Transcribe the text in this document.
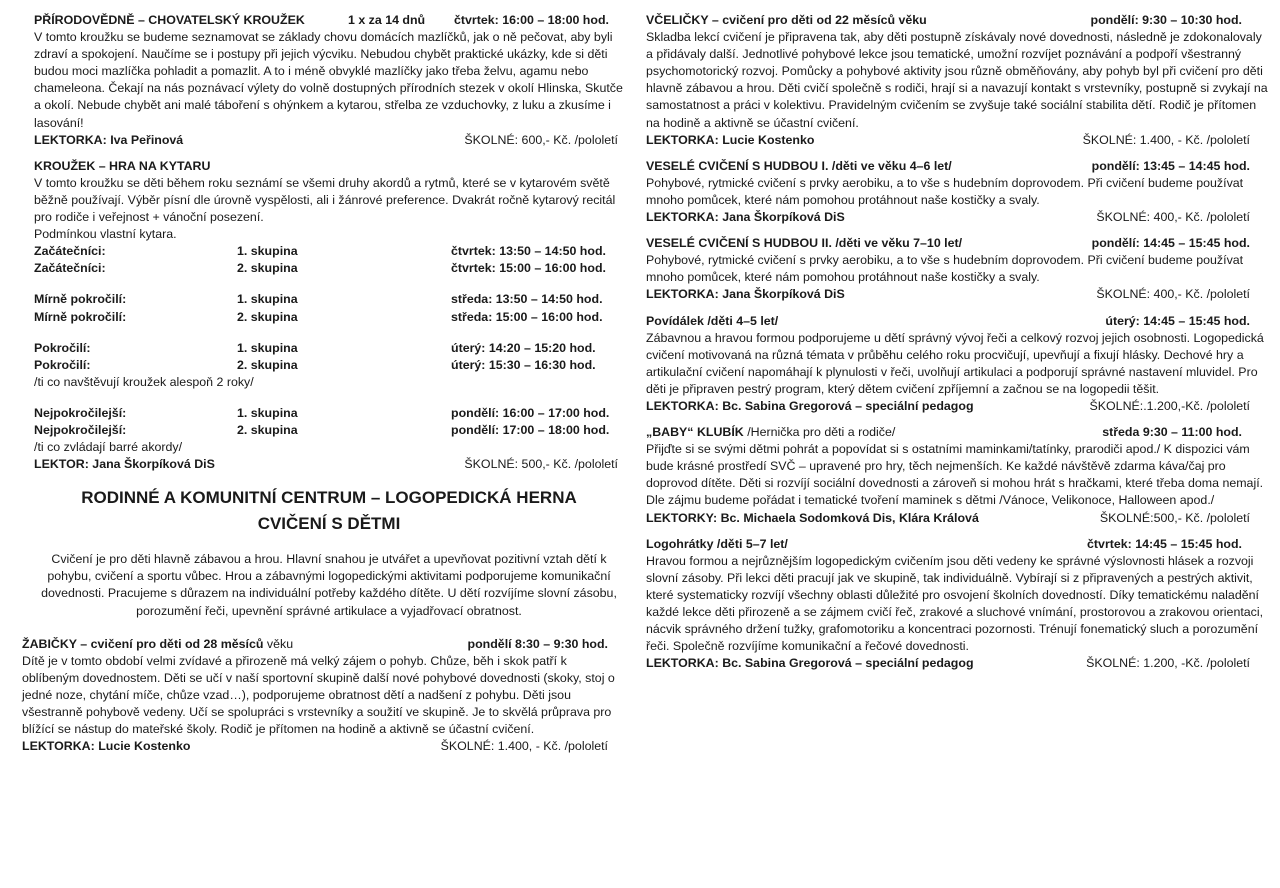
PŘÍRODOVĚDNĚ – CHOVATELSKÝ KROUŽEK	1 x za 14 dnů	čtvrtek: 16:00 – 18:00 hod.
V tomto kroužku se budeme seznamovat se základy chovu domácích mazlíčků, jak o ně pečovat, aby byli zdraví a spokojení. Naučíme se i postupy při jejich výcviku. Nebudou chybět praktické ukázky, kde si děti budou moci mazlíčka pohladit a pomazlit. A to i méně obvyklé mazlíčky jako třeba želvu, agamu nebo chameleona. Čekají na nás poznávací výlety do volně dostupných přírodních stezek v okolí Hlinska, Skutče a okolí. Nebude chybět ani malé táboření s ohýnkem a kytarou, střelba ze vzduchovky, z luku a zkusíme i lasování!
LEKTORKA:
Iva Peřinová	ŠKOLNÉ: 600,- Kč. /pololetí
KROUŽEK – HRA NA KYTARU
V tomto kroužku se děti během roku seznámí se všemi druhy akordů a rytmů, které se v kytarovém světě běžně používají. Výběr písní dle úrovně vyspělosti, ali i žánrové preference. Dvakrát ročně kytarový recitál pro rodiče i veřejnost + vánoční posezení.
Podmínkou vlastní kytara.
Začátečníci:	1. skupina	čtvrtek: 13:50 – 14:50 hod.
Začátečníci:	2. skupina	čtvrtek: 15:00 – 16:00 hod.
Mírně pokročilí:	1. skupina	středa: 13:50 – 14:50 hod.
Mírně pokročilí:	2. skupina	středa: 15:00 – 16:00 hod.
Pokročilí:	1. skupina	úterý: 14:20 – 15:20 hod.
Pokročilí:	2. skupina	úterý: 15:30 – 16:30 hod.
/ti co navštěvují kroužek alespoň 2 roky/
Nejpokročilejší:	1. skupina	pondělí: 16:00 – 17:00 hod.
Nejpokročilejší:	2. skupina	pondělí: 17:00 – 18:00 hod.
/ti co zvládají barré akordy/
LEKTOR:
Jana Škorpíková DiS	ŠKOLNÉ: 500,- Kč. /pololetí
RODINNÉ A KOMUNITNÍ CENTRUM – LOGOPEDICKÁ HERNA
CVIČENÍ S DĚTMI
Cvičení je pro děti hlavně zábavou a hrou. Hlavní snahou je utvářet a upevňovat pozitivní vztah dětí k pohybu, cvičení a sportu vůbec. Hrou a zábavnými logopedickými aktivitami podporujeme komunikační dovednosti. Pracujeme s důrazem na individuální potřeby každého dítěte. U dětí rozvíjíme slovní zásobu, porozumění řeči, upevnění správné artikulace a vyjadřovací obratnost.
ŽABIČKY – cvičení pro děti od 28 měsíců
věku	pondělí 8:30 – 9:30 hod.
Dítě je v tomto období velmi zvídavé a přirozeně má velký zájem o pohyb. Chůze, běh i skok patří k oblíbeným dovednostem. Děti se učí v naší sportovní skupině další nové pohybové dovednosti (skoky, stoj o jedné noze, chytání míče, chůze vzad…), podporujeme obratnost dětí a nadšení z pohybu. Děti jsou všestranně pohybově vedeny. Učí se spolupráci s vrstevníky a soužití ve skupině. Je to skvělá průprava pro blížící se nástup do mateřské školy. Rodič je přítomen na hodině a aktivně se účastní cvičení.
LEKTORKA:
Lucie Kostenko	ŠKOLNÉ: 1.400, - Kč. /pololetí
VČELIČKY – cvičení pro děti od 22 měsíců věku	pondělí: 9:30 – 10:30 hod.
Skladba lekcí cvičení je připravena tak, aby děti postupně získávaly nové dovednosti, následně je zdokonalovaly a přidávaly další. Jednotlivé pohybové lekce jsou tematické, umožní rozvíjet poznávání a podpoří všestranný psychomotorický rozvoj. Pomůcky a pohybové aktivity jsou různě obměňovány, aby pohyb byl při cvičení pro děti hlavně zábavou a hrou. Děti cvičí společně s rodiči, hrají si a navazují kontakt s vrstevníky, postupně si zvykají na samostatnost a práci v kolektivu. Pravidelným cvičením se zvyšuje také sociální stabilita dětí. Rodič je přítomen na hodině a aktivně se účastní cvičení.
LEKTORKA:
Lucie Kostenko	ŠKOLNÉ: 1.400, - Kč. /pololetí
VESELÉ CVIČENÍ S HUDBOU I. /děti ve věku 4–6 let/	pondělí: 13:45 – 14:45 hod.
Pohybové, rytmické cvičení s prvky aerobiku, a to vše s hudebním doprovodem. Při cvičení budeme používat mnoho pomůcek, které nám pomohou protáhnout naše kostičky a svaly.
LEKTORKA:
Jana Škorpíková DiS	ŠKOLNÉ: 400,- Kč. /pololetí
VESELÉ CVIČENÍ S HUDBOU II. /děti ve věku 7–10 let/	pondělí: 14:45 – 15:45 hod.
Pohybové, rytmické cvičení s prvky aerobiku, a to vše s hudebním doprovodem. Při cvičení budeme používat mnoho pomůcek, které nám pomohou protáhnout naše kostičky a svaly.
LEKTORKA:
Jana Škorpíková DiS	ŠKOLNÉ: 400,- Kč. /pololetí
Povídálek
/děti 4–5 let/	úterý: 14:45 – 15:45 hod.
Zábavnou a hravou formou podporujeme u dětí správný vývoj řeči a celkový rozvoj jejich osobnosti. Logopedická cvičení motivovaná na různá témata v průběhu celého roku procvičují, upevňují a fixují hlásky. Dechové hry a artikulační cvičení napomáhají k plynulosti v řeči, uvolňují artikulaci a podporují správné nastavení mluvidel. Pro děti je připraven pestrý program, který dětem cvičení zpříjemní a začnou se na logopedii těšit.
LEKTORKA:
Bc. Sabina Gregorová – speciální pedagog	ŠKOLNÉ:.1.200,-Kč. /pololetí
„BABY“ KLUBÍK
/Hernička pro děti a rodiče/	středa 9:30 – 11:00 hod.
Přijďte si se svými dětmi pohrát a popovídat si s ostatními maminkami/tatínky, prarodiči apod./ K dispozici vám bude krásné prostředí SVČ – upravené pro hry, těch nejmenších. Ke každé návštěvě zdarma káva/čaj pro doprovod dítěte. Děti si rozvíjí sociální dovednosti a zároveň si mohou hrát s hračkami, které třeba doma nemají. Dle zájmu budeme pořádat i tematické tvoření maminek s dětmi /Vánoce, Velikonoce, Halloween apod./
LEKTORKY:
Bc. Michaela Sodomková Dis, Klára Králová	ŠKOLNÉ:500,- Kč. /pololetí
Logohrátky
/děti 5–7 let/	čtvrtek: 14:45 – 15:45 hod.
Hravou formou a nejrůznějším logopedickým cvičením jsou děti vedeny ke správné výslovnosti hlásek a rozvoji slovní zásoby. Při lekci děti pracují jak ve skupině, tak individuálně. Vybírají si z připravených a pestrých aktivit, které systematicky rozvíjí všechny oblasti důležité pro osvojení školních dovedností. Díky tematickému naladění každé lekce děti přirozeně a se zájmem cvičí řeč, zrakové a sluchové vnímání, prostorovou a zrakovou orientaci, nácvik správného držení tužky, grafomotoriku a koncentraci pozornosti. Trénují fonematický sluch a porozumění řeči. Společně rozvíjíme komunikační a řečové dovednosti.
LEKTORKA:
Bc. Sabina Gregorová – speciální pedagog	ŠKOLNÉ: 1.200, -Kč. /pololetí
